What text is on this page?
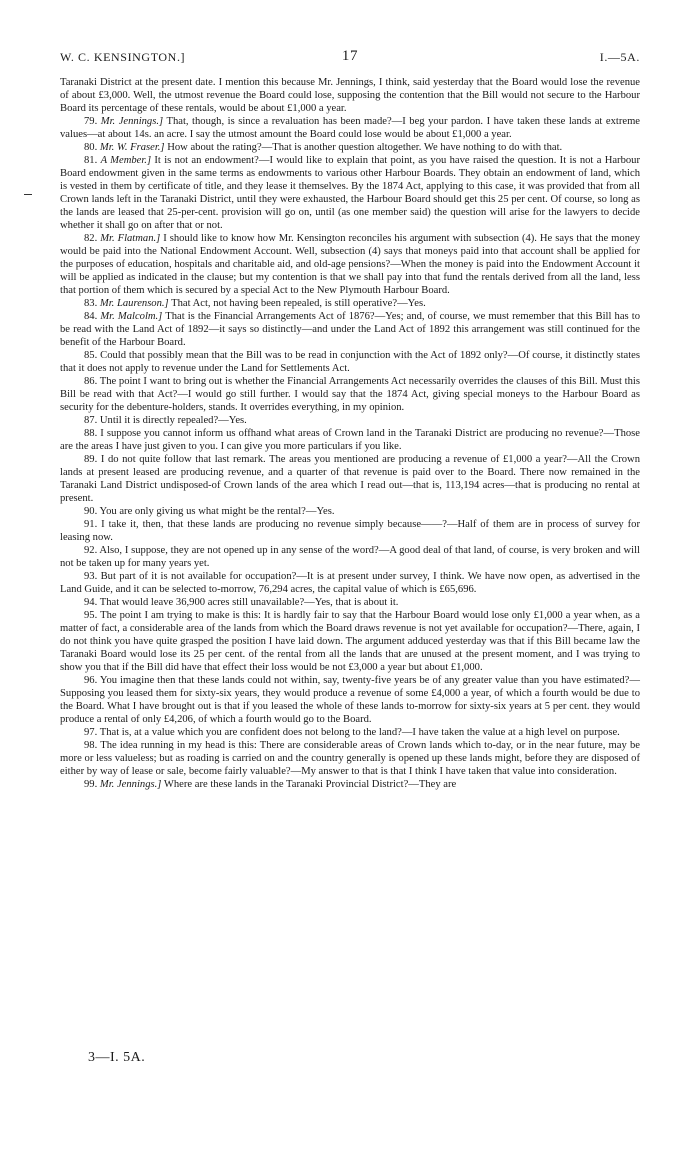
W. C. KENSINGTON.]	17	I.—5A.

Taranaki District at the present date. I mention this because Mr. Jennings, I think, said yesterday that the Board would lose the revenue of about £3,000. Well, the utmost revenue the Board could lose, supposing the contention that the Bill would not secure to the Harbour Board its percentage of these rentals, would be about £1,000 a year.

79. Mr. Jennings.] That, though, is since a revaluation has been made?—I beg your pardon. I have taken these lands at extreme values—at about 14s. an acre. I say the utmost amount the Board could lose would be about £1,000 a year.

80. Mr. W. Fraser.] How about the rating?—That is another question altogether. We have nothing to do with that.

81. A Member.] It is not an endowment?—I would like to explain that point, as you have raised the question. It is not a Harbour Board endowment given in the same terms as endowments to various other Harbour Boards. They obtain an endowment of land, which is vested in them by certificate of title, and they lease it themselves. By the 1874 Act, applying to this case, it was provided that from all Crown lands left in the Taranaki District, until they were exhausted, the Harbour Board should get this 25 per cent. Of course, so long as the lands are leased that 25-per-cent. provision will go on, until (as one member said) the question will arise for the lawyers to decide whether it shall go on after that or not.

82. Mr. Flatman.] I should like to know how Mr. Kensington reconciles his argument with subsection (4). He says that the money would be paid into the National Endowment Account. Well, subsection (4) says that moneys paid into that account shall be applied for the purposes of education, hospitals and charitable aid, and old-age pensions?—When the money is paid into the Endowment Account it will be applied as indicated in the clause; but my contention is that we shall pay into that fund the rentals derived from all the land, less that portion of them which is secured by a special Act to the New Plymouth Harbour Board.

83. Mr. Laurenson.] That Act, not having been repealed, is still operative?—Yes.

84. Mr. Malcolm.] That is the Financial Arrangements Act of 1876?—Yes; and, of course, we must remember that this Bill has to be read with the Land Act of 1892—it says so distinctly—and under the Land Act of 1892 this arrangement was still continued for the benefit of the Harbour Board.

85. Could that possibly mean that the Bill was to be read in conjunction with the Act of 1892 only?—Of course, it distinctly states that it does not apply to revenue under the Land for Settlements Act.

86. The point I want to bring out is whether the Financial Arrangements Act necessarily overrides the clauses of this Bill. Must this Bill be read with that Act?—I would go still further. I would say that the 1874 Act, giving special moneys to the Harbour Board as security for the debenture-holders, stands. It overrides everything, in my opinion.

87. Until it is directly repealed?—Yes.

88. I suppose you cannot inform us offhand what areas of Crown land in the Taranaki District are producing no revenue?—Those are the areas I have just given to you. I can give you more particulars if you like.

89. I do not quite follow that last remark. The areas you mentioned are producing a revenue of £1,000 a year?—All the Crown lands at present leased are producing revenue, and a quarter of that revenue is paid over to the Board. There now remained in the Taranaki Land District undisposed-of Crown lands of the area which I read out—that is, 113,194 acres—that is producing no rental at present.

90. You are only giving us what might be the rental?—Yes.

91. I take it, then, that these lands are producing no revenue simply because——?—Half of them are in process of survey for leasing now.

92. Also, I suppose, they are not opened up in any sense of the word?—A good deal of that land, of course, is very broken and will not be taken up for many years yet.

93. But part of it is not available for occupation?—It is at present under survey, I think. We have now open, as advertised in the Land Guide, and it can be selected to-morrow, 76,294 acres, the capital value of which is £65,696.

94. That would leave 36,900 acres still unavailable?—Yes, that is about it.

95. The point I am trying to make is this: It is hardly fair to say that the Harbour Board would lose only £1,000 a year when, as a matter of fact, a considerable area of the lands from which the Board draws revenue is not yet available for occupation?—There, again, I do not think you have quite grasped the position I have laid down. The argument adduced yesterday was that if this Bill became law the Taranaki Board would lose its 25 per cent. of the rental from all the lands that are unused at the present moment, and I was trying to show you that if the Bill did have that effect their loss would be not £3,000 a year but about £1,000.

96. You imagine then that these lands could not within, say, twenty-five years be of any greater value than you have estimated?—Supposing you leased them for sixty-six years, they would produce a revenue of some £4,000 a year, of which a fourth would be due to the Board. What I have brought out is that if you leased the whole of these lands to-morrow for sixty-six years at 5 per cent. they would produce a rental of only £4,206, of which a fourth would go to the Board.

97. That is, at a value which you are confident does not belong to the land?—I have taken the value at a high level on purpose.

98. The idea running in my head is this: There are considerable areas of Crown lands which to-day, or in the near future, may be more or less valueless; but as roading is carried on and the country generally is opened up these lands might, before they are disposed of either by way of lease or sale, become fairly valuable?—My answer to that is that I think I have taken that value into consideration.

99. Mr. Jennings.] Where are these lands in the Taranaki Provincial District?—They are

3—I. 5A.
